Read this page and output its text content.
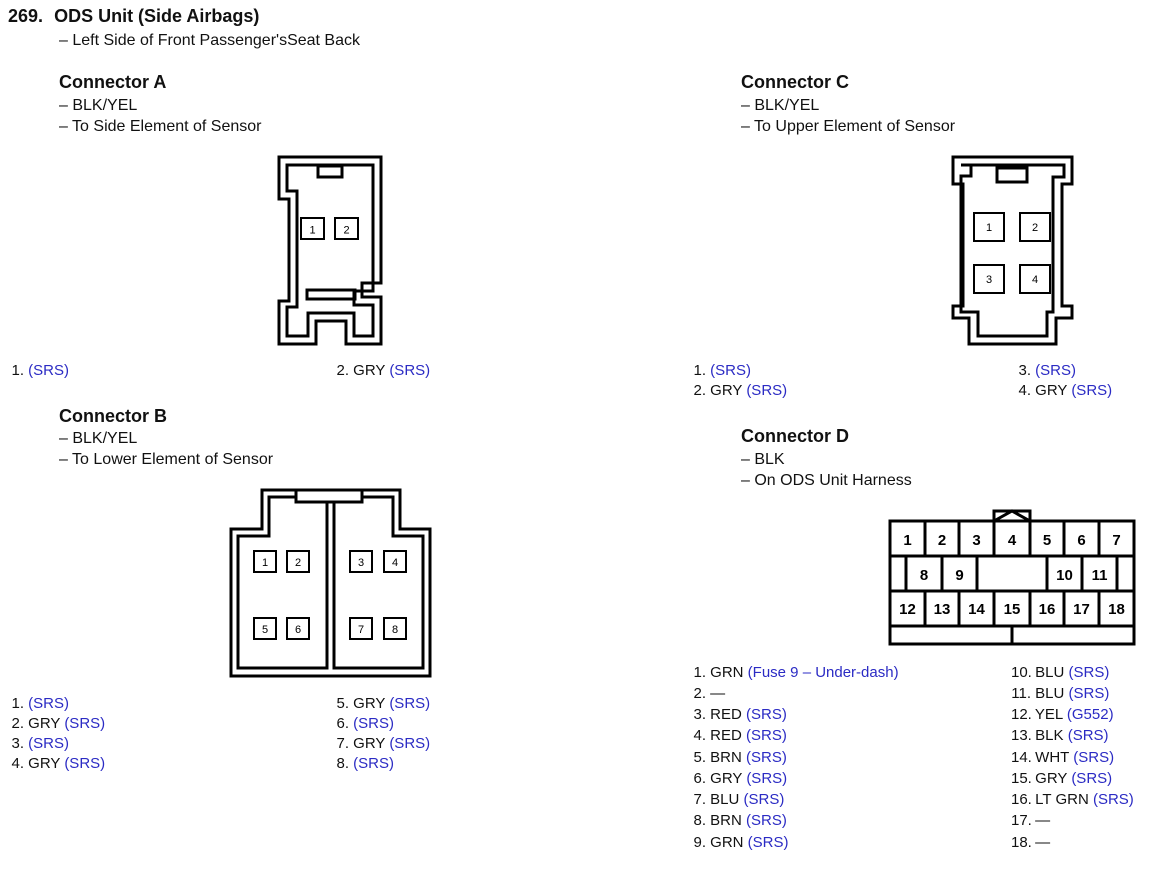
269. ODS Unit (Side Airbags)
– Left Side of Front Passenger'sSeat Back
Connector A
– BLK/YEL
– To Side Element of Sensor
1	2
1. (SRS)	2. GRY (SRS)
Connector B
– BLK/YEL
– To Lower Element of Sensor
1 2	3	4
5 6	7	8
1. (SRS)
2. GRY (SRS)
3. (SRS)
4. GRY (SRS)
5. GRY (SRS)
6. (SRS)
7. GRY (SRS)
8. (SRS)
Connector C
– BLK/YEL
– To Upper Element of Sensor
1	2
3	4
1. (SRS)
2. GRY (SRS)
3. (SRS)
4. GRY (SRS)
Connector D
– BLK
– On ODS Unit Harness
1 2 3 4 5 6 7
8 9	10 11
12 13 14 15 16 17 18
1. GRN (Fuse 9 – Under-dash)
2. —
3. RED (SRS)
4. RED (SRS)
5. BRN (SRS)
6. GRY (SRS)
7. BLU (SRS)
8. BRN (SRS)
9. GRN (SRS)
10. BLU (SRS)
11. BLU (SRS)
12. YEL (G552)
13. BLK (SRS)
14. WHT (SRS)
15. GRY (SRS)
16. LT GRN (SRS)
17. —
18. —
